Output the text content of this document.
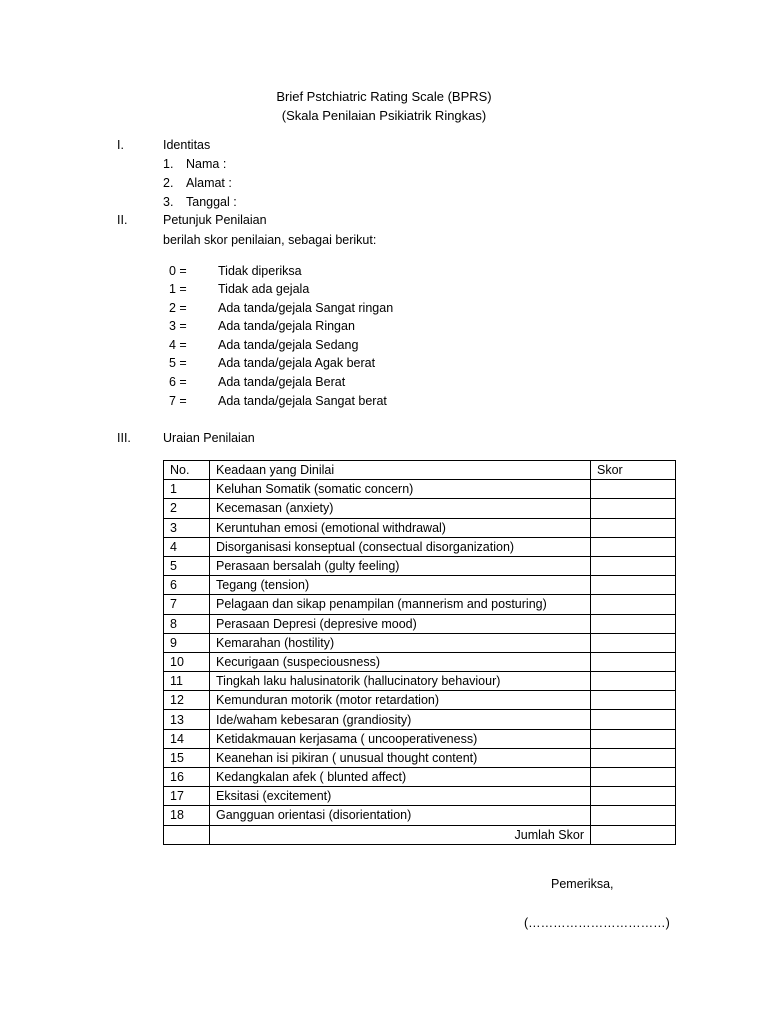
Brief Pstchiatric Rating Scale (BPRS)
(Skala Penilaian Psikiatrik Ringkas)
I.	Identitas
1. Nama :
2. Alamat :
3. Tanggal :
II.	Petunjuk Penilaian
berilah skor penilaian, sebagai berikut:
0 =	Tidak diperiksa
1 =	Tidak ada gejala
2 =	Ada tanda/gejala Sangat ringan
3 =	Ada tanda/gejala Ringan
4 =	Ada tanda/gejala Sedang
5 =	Ada tanda/gejala Agak berat
6 =	Ada tanda/gejala Berat
7 =	Ada tanda/gejala Sangat berat
III.	Uraian Penilaian
No.	Keadaan yang Dinilai	Skor
1	Keluhan Somatik (somatic concern)	
2	Kecemasan (anxiety)	
3	Keruntuhan emosi (emotional withdrawal)	
4	Disorganisasi konseptual (consectual disorganization)	
5	Perasaan bersalah (gulty feeling)	
6	Tegang (tension)	
7	Pelagaan dan sikap penampilan (mannerism and posturing)	
8	Perasaan Depresi (depresive mood)	
9	Kemarahan (hostility)	
10	Kecurigaan (suspeciousness)	
11	Tingkah laku halusinatorik (hallucinatory behaviour)	
12	Kemunduran motorik (motor retardation)	
13	Ide/waham kebesaran (grandiosity)	
14	Ketidakmauan kerjasama ( uncooperativeness)	
15	Keanehan isi pikiran ( unusual thought content)	
16	Kedangkalan afek ( blunted affect)	
17	Eksitasi (excitement)	
18	Gangguan orientasi (disorientation)	
	Jumlah Skor	
Pemeriksa,
(……………………………)
